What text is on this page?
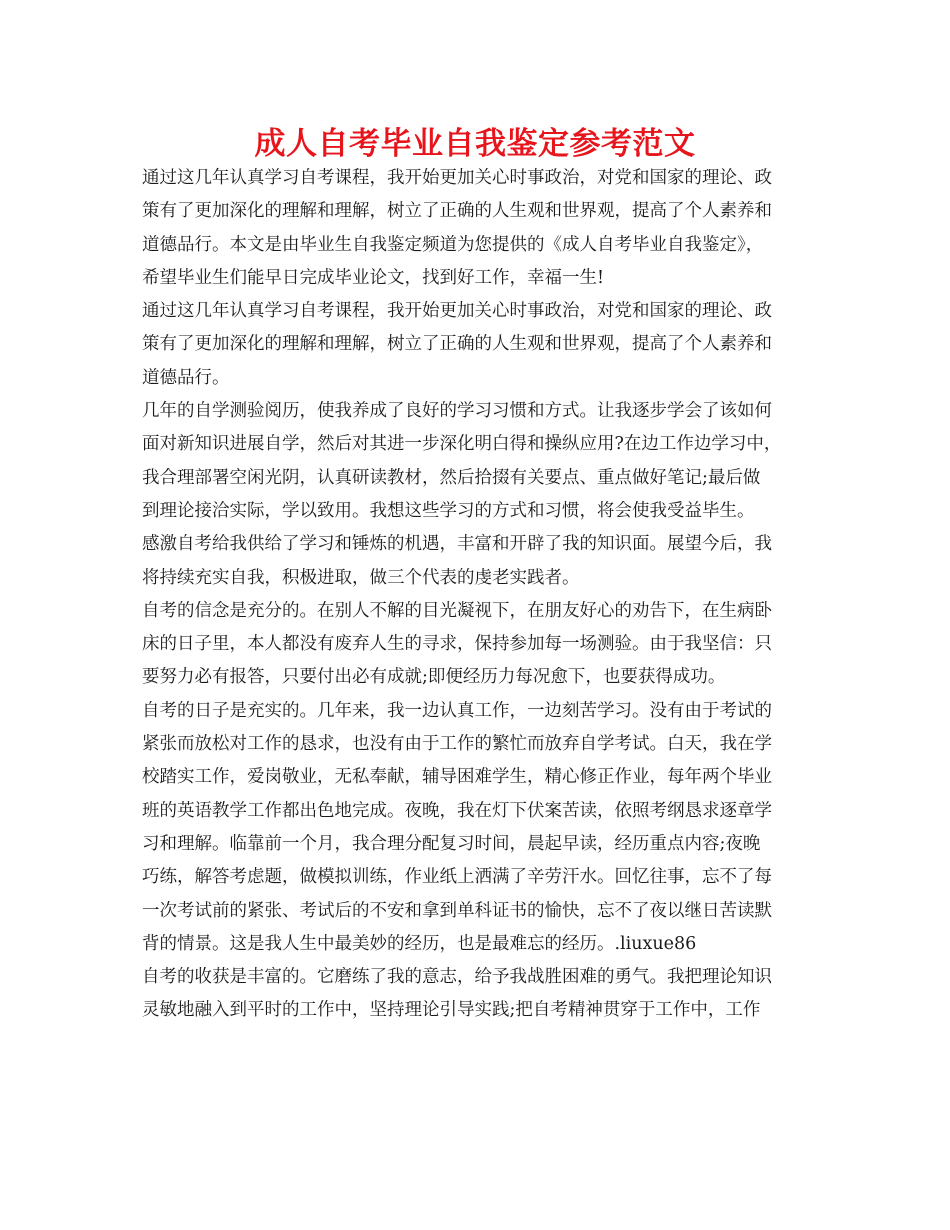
成人自考毕业自我鉴定参考范文
通过这几年认真学习自考课程，我开始更加关心时事政治，对党和国家的理论、政
策有了更加深化的理解和理解，树立了正确的人生观和世界观，提高了个人素养和
道德品行。本文是由毕业生自我鉴定频道为您提供的《成人自考毕业自我鉴定》，
希望毕业生们能早日完成毕业论文，找到好工作，幸福一生!
通过这几年认真学习自考课程，我开始更加关心时事政治，对党和国家的理论、政
策有了更加深化的理解和理解，树立了正确的人生观和世界观，提高了个人素养和
道德品行。
几年的自学测验阅历，使我养成了良好的学习习惯和方式。让我逐步学会了该如何
面对新知识进展自学，然后对其进一步深化明白得和操纵应用?在边工作边学习中，
我合理部署空闲光阴，认真研读教材，然后拾掇有关要点、重点做好笔记;最后做
到理论接洽实际，学以致用。我想这些学习的方式和习惯，将会使我受益毕生。
感激自考给我供给了学习和锤炼的机遇，丰富和开辟了我的知识面。展望今后，我
将持续充实自我，积极进取，做三个代表的虔老实践者。
自考的信念是充分的。在别人不解的目光凝视下，在朋友好心的劝告下，在生病卧
床的日子里，本人都没有废弃人生的寻求，保持参加每一场测验。由于我坚信：只
要努力必有报答，只要付出必有成就;即便经历力每况愈下，也要获得成功。
自考的日子是充实的。几年来，我一边认真工作，一边刻苦学习。没有由于考试的
紧张而放松对工作的恳求，也没有由于工作的繁忙而放弃自学考试。白天，我在学
校踏实工作，爱岗敬业，无私奉献，辅导困难学生，精心修正作业，每年两个毕业
班的英语教学工作都出色地完成。夜晚，我在灯下伏案苦读，依照考纲恳求逐章学
习和理解。临靠前一个月，我合理分配复习时间，晨起早读，经历重点内容;夜晚
巧练，解答考虑题，做模拟训练，作业纸上洒满了辛劳汗水。回忆往事，忘不了每
一次考试前的紧张、考试后的不安和拿到单科证书的愉快，忘不了夜以继日苦读默
背的情景。这是我人生中最美妙的经历，也是最难忘的经历。.liuxue86
自考的收获是丰富的。它磨练了我的意志，给予我战胜困难的勇气。我把理论知识
灵敏地融入到平时的工作中，坚持理论引导实践;把自考精神贯穿于工作中，工作
